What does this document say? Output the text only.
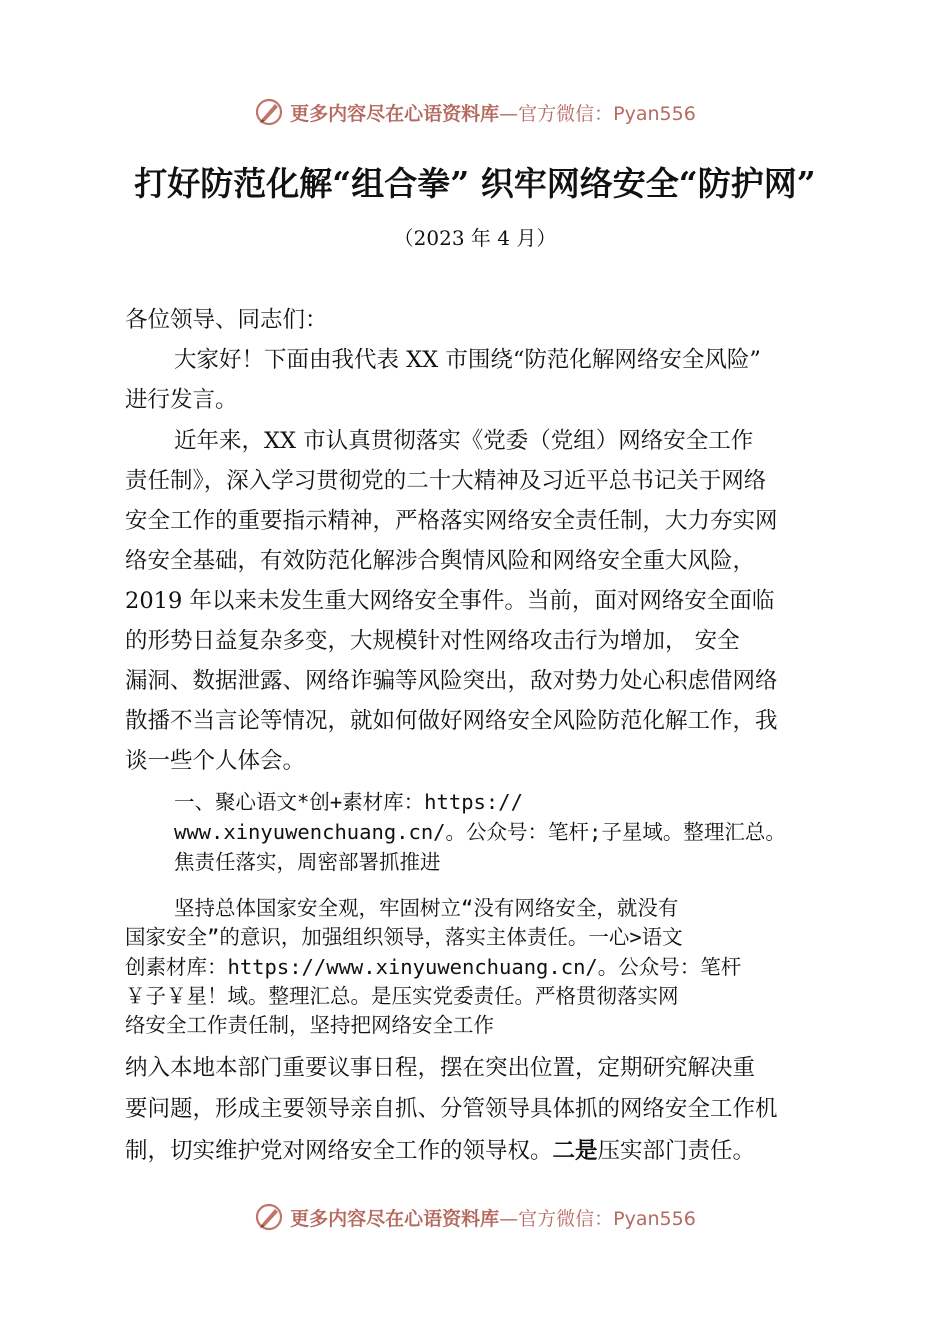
更多内容尽在心语资料库 —官方微信：Pyan556
打好防范化解“组合拳” 织牢网络安全“防护网”
（2023 年 4 月）
各位领导、同志们：
大家好！下面由我代表 XX 市围绕“防范化解网络安全风险”
进行发言。
近年来，XX 市认真贯彻落实《党委（党组）网络安全工作
责任制》，深入学习贯彻党的二十大精神及习近平总书记关于网络
安全工作的重要指示精神，严格落实网络安全责任制，大力夯实网
络安全基础，有效防范化解涉合舆情风险和网络安全重大风险，
2019 年以来未发生重大网络安全事件。当前，面对网络安全面临
的形势日益复杂多变，大规模针对性网络攻击行为增加， 安全
漏洞、数据泄露、网络诈骗等风险突出，敌对势力处心积虑借网络
散播不当言论等情况，就如何做好网络安全风险防范化解工作，我
谈一些个人体会。
一、聚心语文*创+素材库：https://
www.xinyuwenchuang.cn/。公众号：笔杆;子星域。整理汇总。
焦责任落实，周密部署抓推进
坚持总体国家安全观，牢固树立“没有网络安全，就没有
国家安全”的意识，加强组织领导，落实主体责任。一心>语文
创素材库：https://www.xinyuwenchuang.cn/。公众号：笔杆
￥子￥星！域。整理汇总。是压实党委责任。严格贯彻落实网
络安全工作责任制，坚持把网络安全工作
纳入本地本部门重要议事日程，摆在突出位置，定期研究解决重
要问题，形成主要领导亲自抓、分管领导具体抓的网络安全工作机
制，切实维护党对网络安全工作的领导权。二是压实部门责任。
更多内容尽在心语资料库 —官方微信：Pyan556
